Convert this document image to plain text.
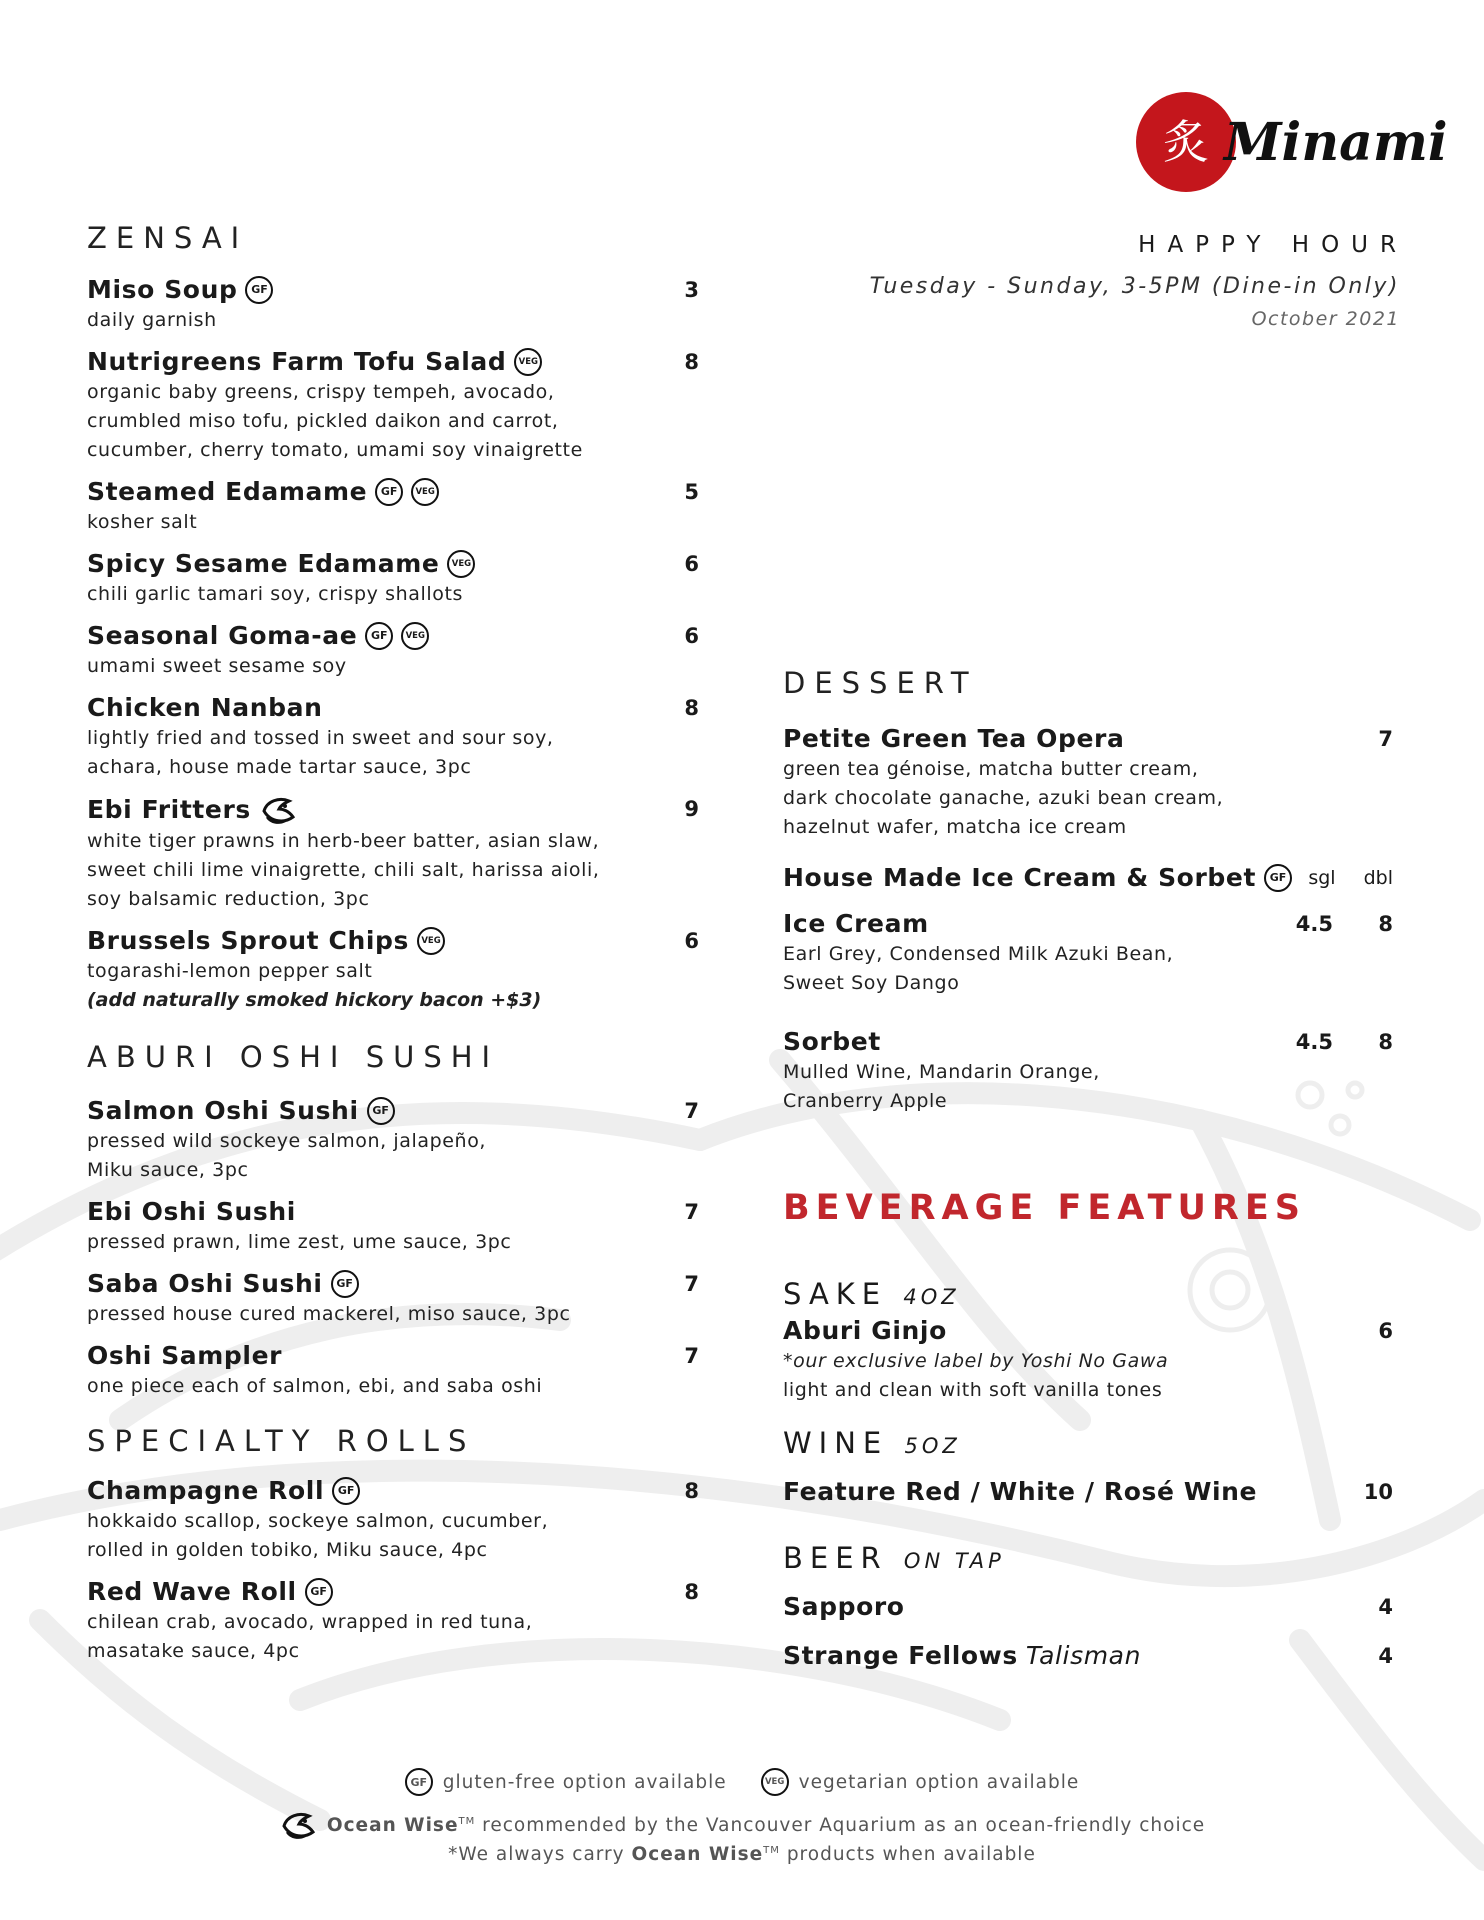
炙 Minami
HAPPY HOUR
Tuesday - Sunday, 3-5PM (Dine-in Only)
October 2021
ZENSAI
Miso Soup	GF	3
daily garnish
Nutrigreens Farm Tofu Salad	VEG	8
organic baby greens, crispy tempeh, avocado,
crumbled miso tofu, pickled daikon and carrot,
cucumber, cherry tomato, umami soy vinaigrette
Steamed Edamame	GF	VEG	5
kosher salt
Spicy Sesame Edamame	VEG	6
chili garlic tamari soy, crispy shallots
Seasonal Goma-ae	GF	VEG	6
umami sweet sesame soy
Chicken Nanban	8
lightly fried and tossed in sweet and sour soy,
achara, house made tartar sauce, 3pc
Ebi Fritters	9
white tiger prawns in herb-beer batter, asian slaw,
sweet chili lime vinaigrette, chili salt, harissa aioli,
soy balsamic reduction, 3pc
Brussels Sprout Chips	VEG	6
togarashi-lemon pepper salt
(add naturally smoked hickory bacon +$3)
ABURI OSHI SUSHI
Salmon Oshi Sushi	GF	7
pressed wild sockeye salmon, jalapeño,
Miku sauce, 3pc
Ebi Oshi Sushi	7
pressed prawn, lime zest, ume sauce, 3pc
Saba Oshi Sushi	GF	7
pressed house cured mackerel, miso sauce, 3pc
Oshi Sampler	7
one piece each of salmon, ebi, and saba oshi
SPECIALTY ROLLS
Champagne Roll	GF	8
hokkaido scallop, sockeye salmon, cucumber,
rolled in golden tobiko, Miku sauce, 4pc
Red Wave Roll	GF	8
chilean crab, avocado, wrapped in red tuna,
masatake sauce, 4pc
DESSERT
Petite Green Tea Opera	7
green tea génoise, matcha butter cream,
dark chocolate ganache, azuki bean cream,
hazelnut wafer, matcha ice cream
House Made Ice Cream & Sorbet	GF	sgl dbl
Ice Cream	4.5	8
Earl Grey, Condensed Milk Azuki Bean,
Sweet Soy Dango
Sorbet	4.5	8
Mulled Wine, Mandarin Orange,
Cranberry Apple
BEVERAGE FEATURES
SAKE 4OZ
Aburi Ginjo	6
*our exclusive label by Yoshi No Gawa
light and clean with soft vanilla tones
WINE 5OZ
Feature Red / White / Rosé Wine	10
BEER ON TAP
Sapporo	4
Strange Fellows Talisman	4
GF gluten-free option available	VEG vegetarian option available
Ocean Wise™ recommended by the Vancouver Aquarium as an ocean-friendly choice
*We always carry Ocean Wise™ products when available
